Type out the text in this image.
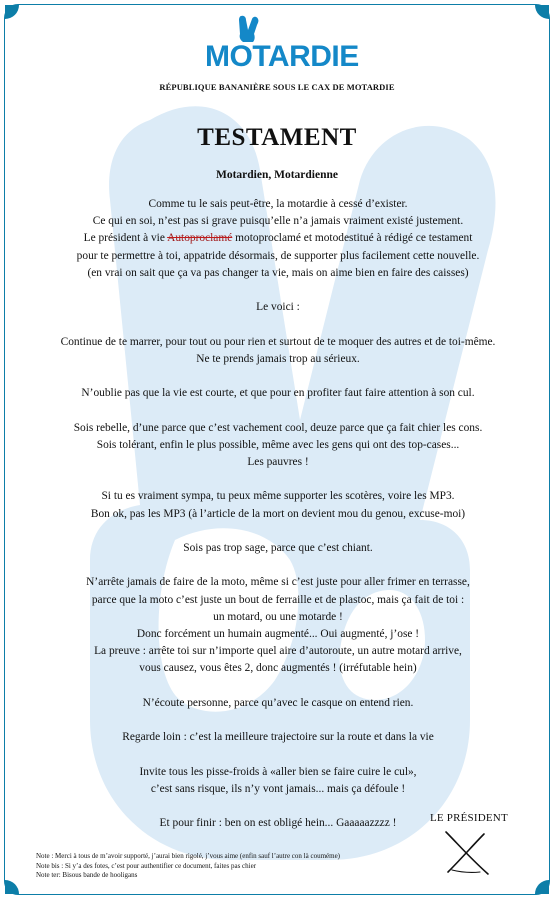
MOTARDIE
RÉPUBLIQUE BANANIÈRE SOUS LE CAX DE MOTARDIE
TESTAMENT
Motardien, Motardienne

Comme tu le sais peut-être, la motardie à cessé d’exister.

Ce qui en soi, n’est pas si grave puisqu’elle n’a jamais vraiment existé justement.

Le président à vie Autoproclamé motoproclamé et motodestitué à rédigé ce testament

pour te permettre à toi, appatride désormais, de supporter plus facilement cette nouvelle.

(en vrai on sait que ça va pas changer ta vie, mais on aime bien en faire des caisses)

Le voici :

Continue de te marrer, pour tout ou pour rien et surtout de te moquer des autres et de toi-même.

Ne te prends jamais trop au sérieux.

N’oublie pas que la vie est courte, et que pour en profiter faut faire attention à son cul.

Sois rebelle, d’une parce que c’est vachement cool, deuze parce que ça fait chier les cons.

Sois tolérant, enfin le plus possible, même avec les gens qui ont des top-cases...

Les pauvres !

Si tu es vraiment sympa, tu peux même supporter les scotères, voire les MP3.

Bon ok, pas les MP3 (à l’article de la mort on devient mou du genou, excuse-moi)

Sois pas trop sage, parce que c’est chiant.

N’arrête jamais de faire de la moto, même si c’est juste pour aller frimer en terrasse,

parce que la moto c’est juste un bout de ferraille et de plastoc, mais ça fait de toi :

un motard, ou une motarde !

Donc forcément un humain augmenté... Oui augmenté, j’ose !

La preuve : arrête toi sur n’importe quel aire d’autoroute, un autre motard arrive,

vous causez, vous êtes 2, donc augmentés ! (irréfutable hein)

N’écoute personne, parce qu’avec le casque on entend rien.

Regarde loin : c’est la meilleure trajectoire sur la route et dans la vie

Invite tous les pisse-froids à «aller bien se faire cuire le cul»,

c’est sans risque, ils n’y vont jamais... mais ça défoule !

Et pour finir : ben on est obligé hein... Gaaaaazzzz !	LE PRÉSIDENT

Note : Merci à tous de m’avoir supporté, j’aurai bien rigolé, j’vous aime (enfin sauf l’autre con là couméme)

Note bis : Si y’a des fotes, c’est pour authentifier ce document, faites pas chier

Note ter: Bisous bande de hooligans
